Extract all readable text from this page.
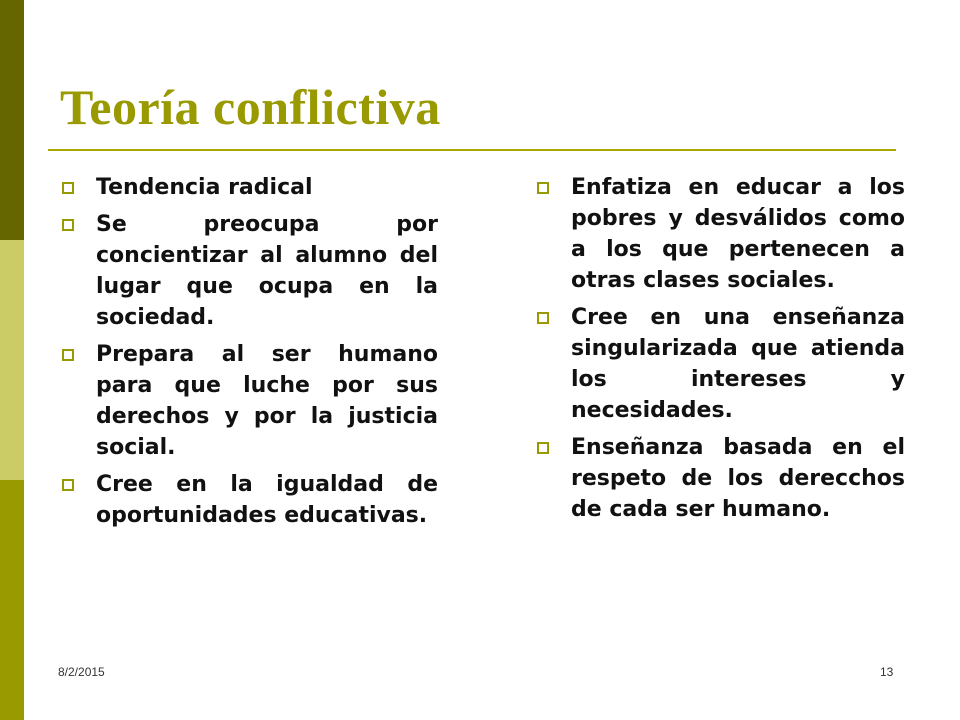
Teoría conflictiva
Tendencia radical
Se preocupa por concientizar al alumno del lugar que ocupa en la sociedad.
Prepara al ser humano para que luche por sus derechos y por la justicia social.
Cree en la igualdad de oportunidades educativas.
Enfatiza en educar a los pobres y desválidos como a los que pertenecen a otras clases sociales.
Cree en una enseñanza singularizada que atienda los intereses y necesidades.
Enseñanza basada en el respeto de los derecchos de cada ser humano.
8/2/2015	13
